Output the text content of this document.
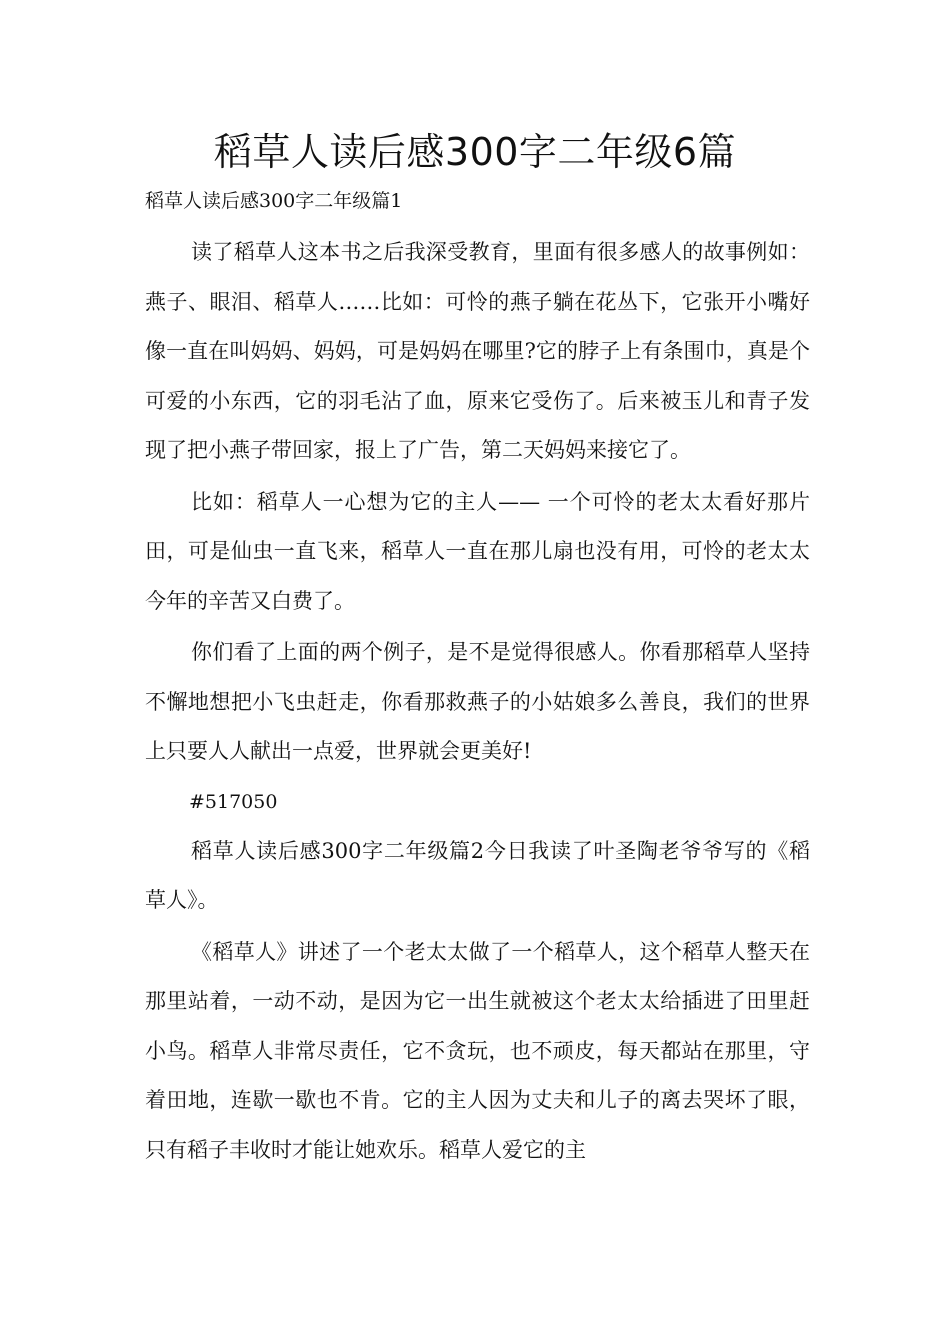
稻草人读后感300字二年级6篇

稻草人读后感300字二年级篇1

读了稻草人这本书之后我深受教育，里面有很多感人的故事例如：燕子、眼泪、稻草人……比如：可怜的燕子躺在花丛下，它张开小嘴好像一直在叫妈妈、妈妈，可是妈妈在哪里?它的脖子上有条围巾，真是个可爱的小东西，它的羽毛沾了血，原来它受伤了。后来被玉儿和青子发现了把小燕子带回家，报上了广告，第二天妈妈来接它了。

比如：稻草人一心想为它的主人—— 一个可怜的老太太看好那片田，可是仙虫一直飞来，稻草人一直在那儿扇也没有用，可怜的老太太今年的辛苦又白费了。

你们看了上面的两个例子，是不是觉得很感人。你看那稻草人坚持不懈地想把小飞虫赶走，你看那救燕子的小姑娘多么善良，我们的世界上只要人人献出一点爱，世界就会更美好!

#517050

稻草人读后感300字二年级篇2今日我读了叶圣陶老爷爷写的《稻草人》。

《稻草人》讲述了一个老太太做了一个稻草人，这个稻草人整天在那里站着，一动不动，是因为它一出生就被这个老太太给插进了田里赶小鸟。稻草人非常尽责任，它不贪玩，也不顽皮，每天都站在那里，守着田地，连歇一歇也不肯。它的主人因为丈夫和儿子的离去哭坏了眼，只有稻子丰收时才能让她欢乐。稻草人爱它的主
